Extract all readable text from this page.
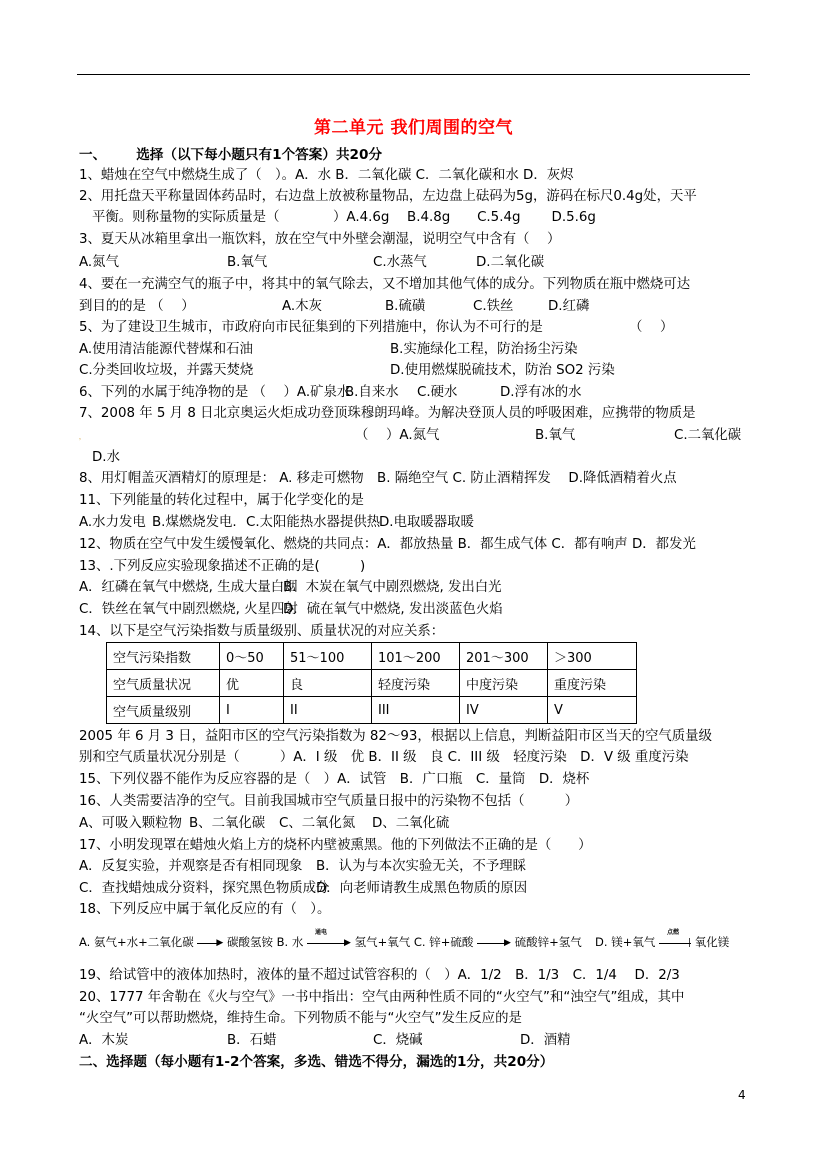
第二单元 我们周围的空气
一、 选择（以下每小题只有1个答案）共20分
1、蜡烛在空气中燃烧生成了（　）。A．水 B．二氧化碳 C．二氧化碳和水 D．灰烬
2、用托盘天平称量固体药品时，右边盘上放被称量物品，左边盘上砝码为5g，游码在标尺0.4g处，天平
平衡。则称量物的实际质量是（　　　　）A.4.6g　 B.4.8g　　C.5.4g　　 D.5.6g
3、夏天从冰箱里拿出一瓶饮料，放在空气中外壁会潮湿，说明空气中含有（　 ）
A.氮气	B.氧气	C.水蒸气	D.二氧化碳
4、要在一充满空气的瓶子中，将其中的氧气除去，又不增加其他气体的成分。下列物质在瓶中燃烧可达
到目的的是 （　 ）	A.木灰	B.硫磺	C.铁丝	D.红磷
5、为了建设卫生城市，市政府向市民征集到的下列措施中，你认为不可行的是	（　 ）
A.使用清洁能源代替煤和石油	B.实施绿化工程，防治扬尘污染
C.分类回收垃圾，并露天焚烧	D.使用燃煤脱硫技术，防治 SO2 污染
6、下列的水属于纯净物的是 （　 ）A.矿泉水B.自来水 C.硬水	D.浮有冰的水
7、2008 年 5 月 8 日北京奥运火炬成功登顶珠穆朗玛峰。为解决登顶人员的呼吸困难，应携带的物质是
，	（　 ）A.氮气	B.氧气	C.二氧化碳
D.水
8、用灯帽盖灭酒精灯的原理是： A. 移走可燃物　B. 隔绝空气 C. 防止酒精挥发　 D.降低酒精着火点
11、下列能量的转化过程中，属于化学变化的是
A.水力发电 B.煤燃烧发电. C.太阳能热水器提供热D.电取暖器取暖
12、物质在空气中发生缓慢氧化、燃烧的共同点：A．都放热量 B．都生成气体 C．都有响声 D．都发光
13、.下列反应实验现象描述不正确的是(　　　)
A．红磷在氧气中燃烧, 生成大量白烟B．木炭在氧气中剧烈燃烧, 发出白光
C．铁丝在氧气中剧烈燃烧, 火星四射D．硫在氧气中燃烧, 发出淡蓝色火焰
14、以下是空气污染指数与质量级别、质量状况的对应关系：
空气污染指数	0～50	51～100	101～200	201～300	＞300
空气质量状况	优	良	轻度污染	中度污染	重度污染
空气质量级别	I	II	III	IV	V
2005 年 6 月 3 日，益阳市区的空气污染指数为 82～93，根据以上信息，判断益阳市区当天的空气质量级
别和空气质量状况分别是（　　　）A．I 级　优 B．II 级　良 C．III 级　轻度污染　D．V 级 重度污染
15、下列仪器不能作为反应容器的是（　）A．试管　B．广口瓶　C．量筒　D．烧杯
16、人类需要洁净的空气。目前我国城市空气质量日报中的污染物不包括（　　　）
A、可吸入颗粒物 B、二氧化碳 C、二氧化氮 D、二氧化硫
17、小明发现罩在蜡烛火焰上方的烧杯内壁被熏黑。他的下列做法不正确的是（　　）
A．反复实验，并观察是否有相同现象 B．认为与本次实验无关，不予理睬
C．查找蜡烛成分资料，探究黑色物质成分D．向老师请教生成黑色物质的原因
18、下列反应中属于氧化反应的有（　）。
A. 氨气+水+二氧化碳	▶ 碳酸氢铵 B. 水
通电
▶ 氢气+氧气 C. 锌+硫酸	▶ 硫酸锌+氢气 D. 镁+氧气
点燃
| 氧化镁
19、给试管中的液体加热时，液体的量不超过试管容积的（　）A．1/2　B．1/3　C．1/4　 D．2/3
20、1777 年舍勒在《火与空气》一书中指出：空气由两种性质不同的“火空气”和“浊空气”组成，其中
“火空气”可以帮助燃烧，维持生命。下列物质不能与“火空气”发生反应的是
A．木炭	B．石蜡	C．烧碱	D．酒精
二、选择题（每小题有1-2个答案，多选、错选不得分，漏选的1分，共20分）
4
